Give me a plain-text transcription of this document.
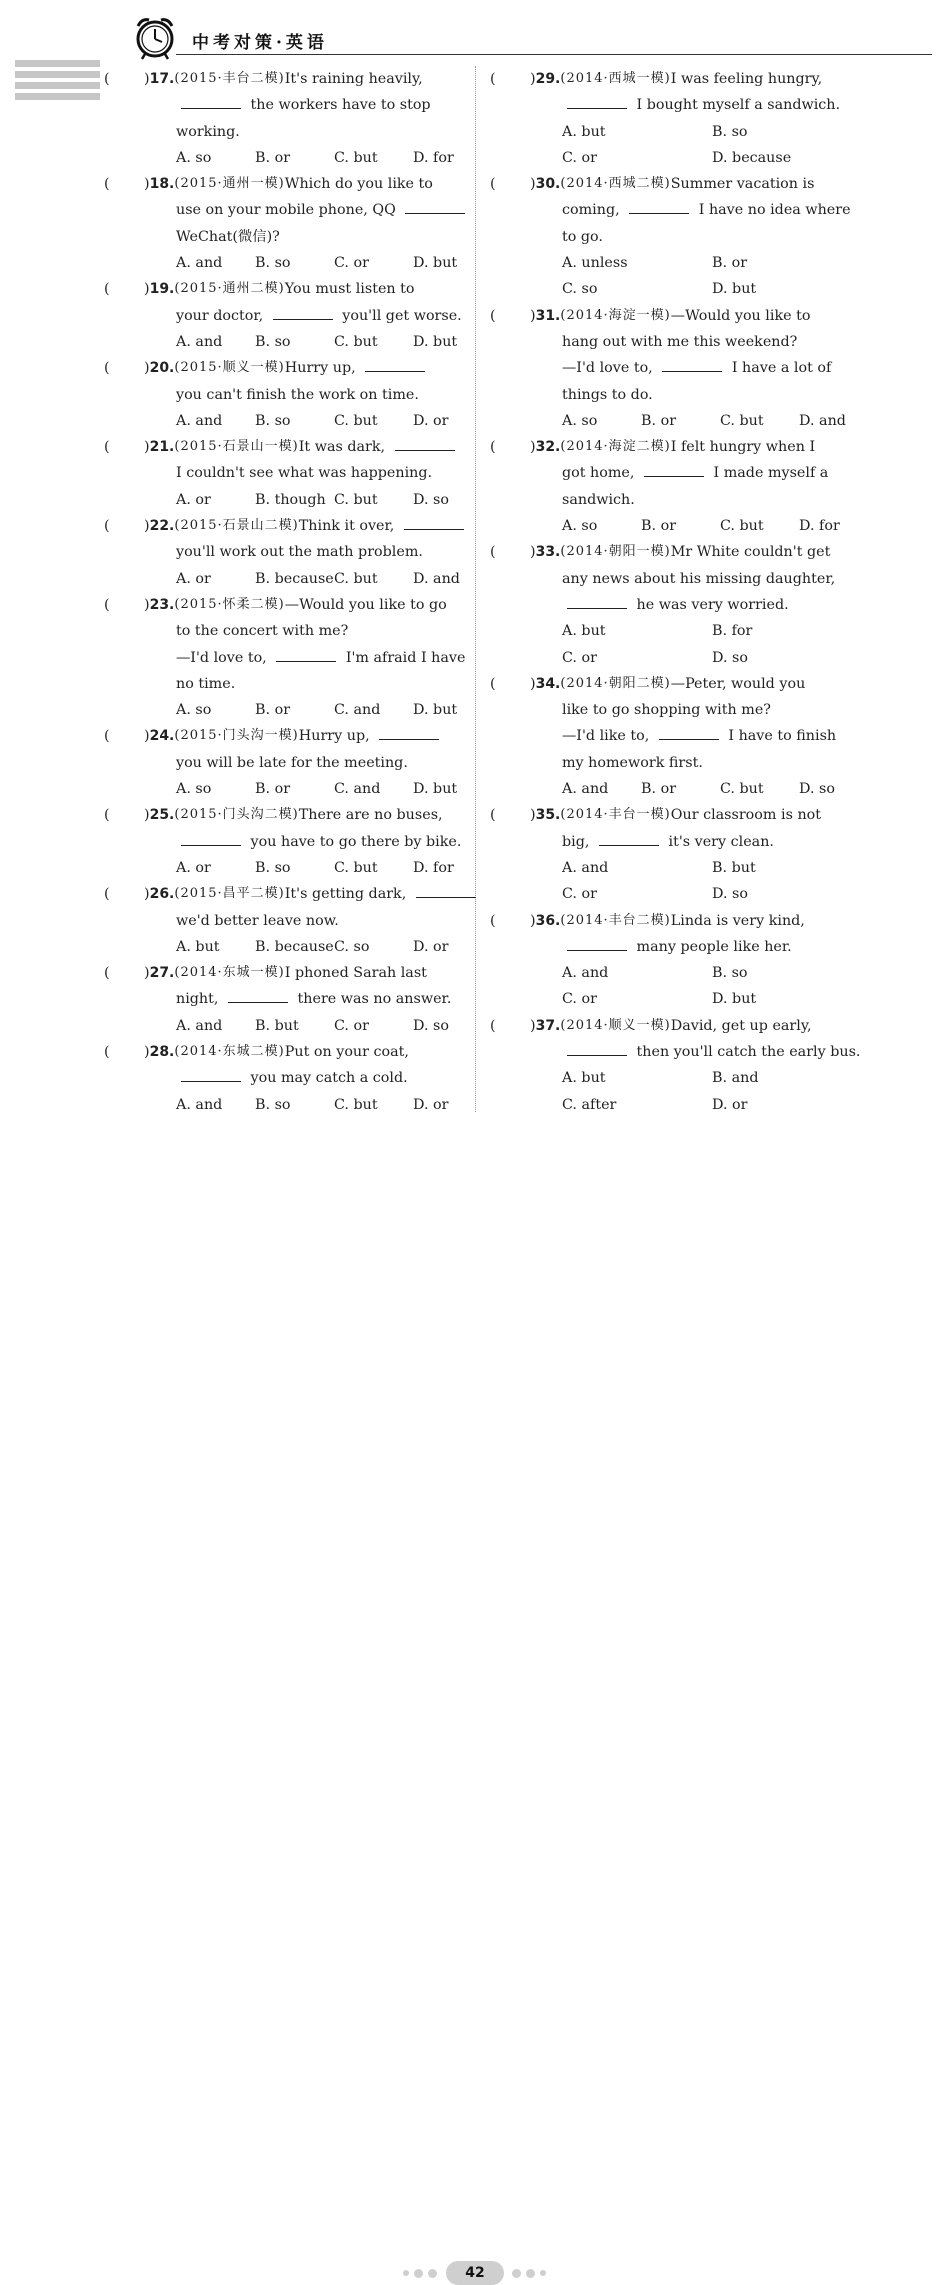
中考对策·英语
(	) 17. (2015·丰台二模) It's raining heavily,
the workers have to stop
working.
A. so	B. or	C. but	D. for
(	) 18. (2015·通州一模) Which do you like to
use on your mobile phone, QQ
WeChat(微信)?
A. and	B. so	C. or	D. but
(	) 19. (2015·通州二模) You must listen to
your doctor,	you'll get worse.
A. and	B. so	C. but	D. but
(	) 20. (2015·顺义一模) Hurry up,
you can't finish the work on time.
A. and	B. so	C. but	D. or
(	) 21. (2015·石景山一模) It was dark,
I couldn't see what was happening.
A. or	B. though C. but	D. so
(	) 22. (2015·石景山二模) Think it over,
you'll work out the math problem.
A. or	B. because C. but	D. and
(	) 23. (2015·怀柔二模) —Would you like to go
to the concert with me?
—I'd love to,	I'm afraid I have
no time.
A. so	B. or	C. and	D. but
(	) 24. (2015·门头沟一模) Hurry up,
you will be late for the meeting.
A. so	B. or	C. and	D. but
(	) 25. (2015·门头沟二模) There are no buses,
you have to go there by bike.
A. or	B. so	C. but	D. for
(	) 26. (2015·昌平二模) It's getting dark,
we'd better leave now.
A. but	B. because C. so	D. or
(	) 27. (2014·东城一模) I phoned Sarah last
night,	there was no answer.
A. and	B. but	C. or	D. so
(	) 28. (2014·东城二模) Put on your coat,
you may catch a cold.
A. and	B. so	C. but	D. or
(	) 29. (2014·西城一模) I was feeling hungry,
I bought myself a sandwich.
A. but	B. so
C. or	D. because
(	) 30. (2014·西城二模) Summer vacation is
coming,	I have no idea where
to go.
A. unless	B. or
C. so	D. but
(	) 31. (2014·海淀一模) —Would you like to
hang out with me this weekend?
—I'd love to,	I have a lot of
things to do.
A. so	B. or	C. but	D. and
(	) 32. (2014·海淀二模) I felt hungry when I
got home,	I made myself a
sandwich.
A. so	B. or	C. but	D. for
(	) 33. (2014·朝阳一模) Mr White couldn't get
any news about his missing daughter,
he was very worried.
A. but	B. for
C. or	D. so
(	) 34. (2014·朝阳二模) —Peter, would you
like to go shopping with me?
—I'd like to,	I have to finish
my homework first.
A. and	B. or	C. but	D. so
(	) 35. (2014·丰台一模) Our classroom is not
big,	it's very clean.
A. and	B. but
C. or	D. so
(	) 36. (2014·丰台二模) Linda is very kind,
many people like her.
A. and	B. so
C. or	D. but
(	) 37. (2014·顺义一模) David, get up early,
then you'll catch the early bus.
A. but	B. and
C. after	D. or
42
